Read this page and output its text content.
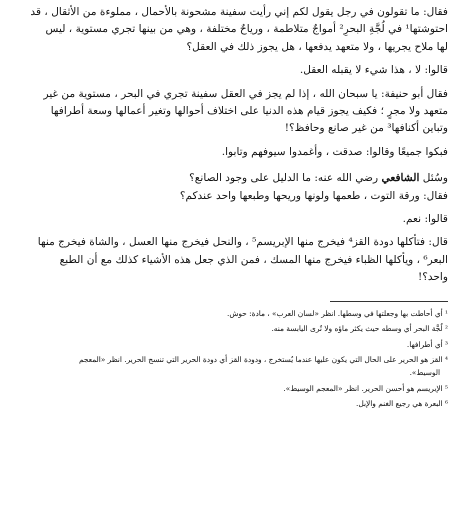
فقال: ما تقولون في رجل يقول لكم إني رأيت سفينة مشحونة بالأحمال ، مملوءة من الأثقال ، قد

احتوشتها¹ في لُجَّةِ البحرِ² أمواجٌ متلاطمة ، ورياحٌ مختلفة ، وهي من بينها تجري مستوية ، ليس

لها ملاح يجريها ، ولا متعهد يدفعها ، هل يجوز ذلك في العقل؟

قالوا: لا ، هذا شيء لا يقبله العقل.

فقال أبو حنيفة: يا سبحان الله ، إذا لم يجز في العقل سفينة تجري في البحر ، مستوية من غير

متعهد ولا مجرٍ ؛ فكيف يجوز قيام هذه الدنيا على اختلاف أحوالها وتغير أعمالها وسعة أطرافها

وتباين أكنافها³ من غير صانع وحافظ؟!

فبكوا جميعًا وقالوا: صدقت ، وأغمدوا سيوفهم وتابوا.

وسُئل الشافعي رضي الله عنه: ما الدليل على وجود الصانع؟

فقال: ورقة التوت ، طعمها ولونها وريحها وطبعها واحد عندكم؟

قالوا: نعم.

قال: فتأكلها دودة القز⁴ فيخرج منها الإبريسم⁵ ، والنحل فيخرج منها العسل ، والشاة فيخرج منها

البعر⁶ ، ويأكلها الظباء فيخرج منها المسك ، فمن الذي جعل هذه الأشياء كذلك مع أن الطبع

واحد؟!

¹ أي أحاطت بها وجعلتها في وسطها. انظر «لسان العرب» ، مادة: حوش.

² لُجَّة البحر أي وسطه حيث يكثر ماؤه ولا تُرى اليابسة منه.

³ أي أطرافها.

⁴ القز هو الحرير على الحال التي يكون عليها عندما يُستخرج ، ودودة القز أي دودة الحرير التي تنسج الحرير. انظر «المعجم

الوسيط».

⁵ الإبريسم هو أحسن الحرير. انظر «المعجم الوسيط».

⁶ البعرة هي رجيع الغنم والإبل.
